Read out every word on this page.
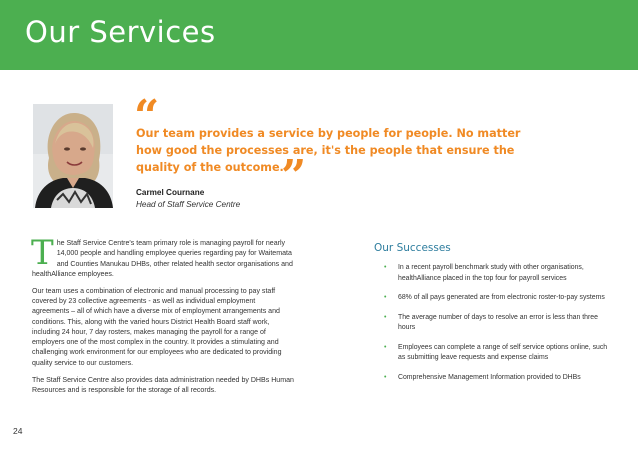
Our Services
“

Our team provides a service by people for people. No matter how good the processes are, it's the people that ensure the quality of the outcome.

”
Carmel Cournane
Head of Staff Service Centre

T he Staff Service Centre's team primary role is managing payroll for nearly 14,000 people and handling employee queries regarding pay for Waitemata and Counties Manukau DHBs, other related health sector organisations and healthAlliance employees.

Our team uses a combination of electronic and manual processing to pay staff covered by 23 collective agreements - as well as individual employment agreements – all of which have a diverse mix of employment arrangements and conditions. This, along with the varied hours District Health Board staff work, including 24 hour, 7 day rosters, makes managing the payroll for a range of employers one of the most complex in the country. It provides a stimulating and challenging work environment for our employees who are dedicated to providing quality service to our customers.

The Staff Service Centre also provides data administration needed by DHBs Human Resources and is responsible for the storage of all records.

Our Successes
• In a recent payroll benchmark study with other organisations, healthAlliance placed in the top four for payroll services
• 68% of all pays generated are from electronic roster-to-pay systems
• The average number of days to resolve an error is less than three hours
• Employees can complete a range of self service options online, such as submitting leave requests and expense claims
• Comprehensive Management Information provided to DHBs
24
